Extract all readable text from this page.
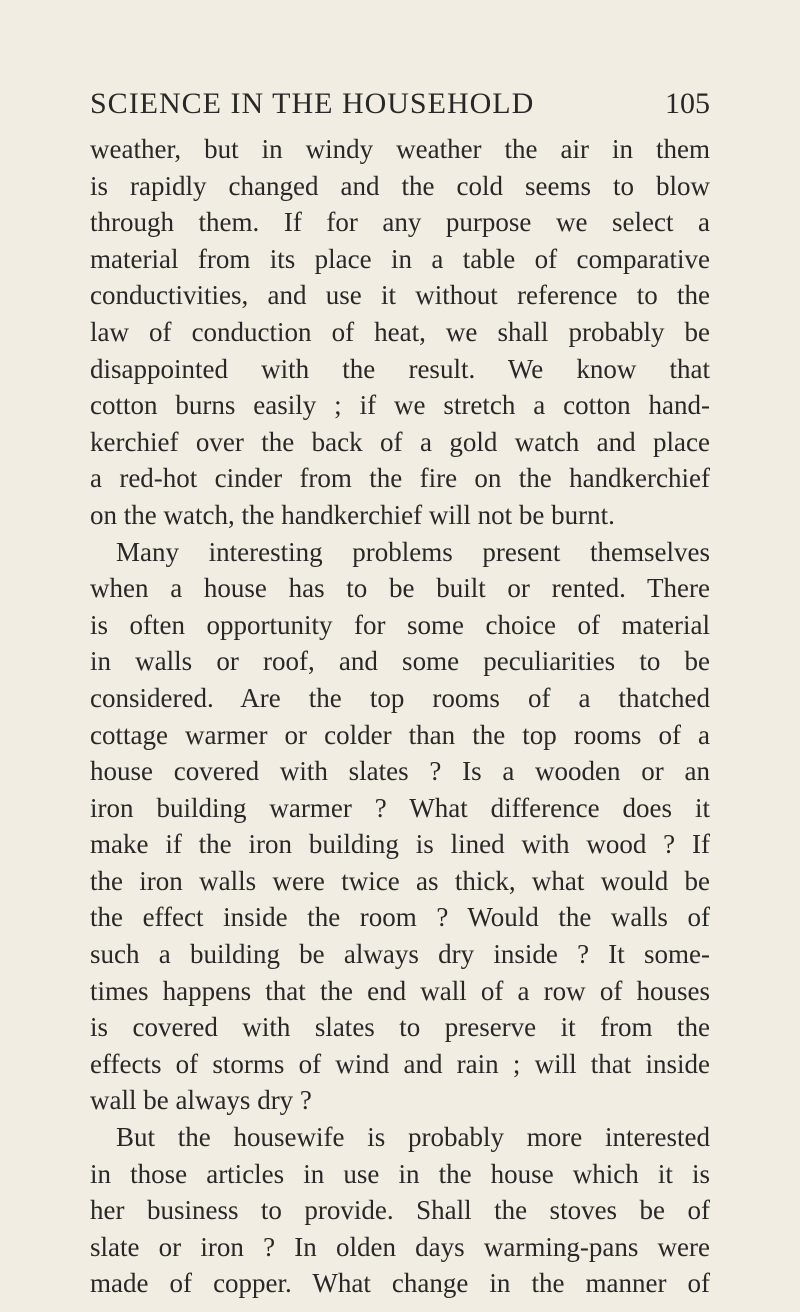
SCIENCE IN THE HOUSEHOLD	105
weather, but in windy weather the air in them
is rapidly changed and the cold seems to blow
through them. If for any purpose we select a
material from its place in a table of comparative
conductivities, and use it without reference to the
law of conduction of heat, we shall probably be
disappointed with the result. We know that
cotton burns easily ; if we stretch a cotton hand-
kerchief over the back of a gold watch and place
a red-hot cinder from the fire on the handkerchief
on the watch, the handkerchief will not be burnt.
Many interesting problems present themselves
when a house has to be built or rented. There
is often opportunity for some choice of material
in walls or roof, and some peculiarities to be
considered. Are the top rooms of a thatched
cottage warmer or colder than the top rooms of a
house covered with slates ? Is a wooden or an
iron building warmer ? What difference does it
make if the iron building is lined with wood ? If
the iron walls were twice as thick, what would be
the effect inside the room ? Would the walls of
such a building be always dry inside ? It some-
times happens that the end wall of a row of houses
is covered with slates to preserve it from the
effects of storms of wind and rain ; will that inside
wall be always dry ?
But the housewife is probably more interested
in those articles in use in the house which it is
her business to provide. Shall the stoves be of
slate or iron ? In olden days warming-pans were
made of copper. What change in the manner of
